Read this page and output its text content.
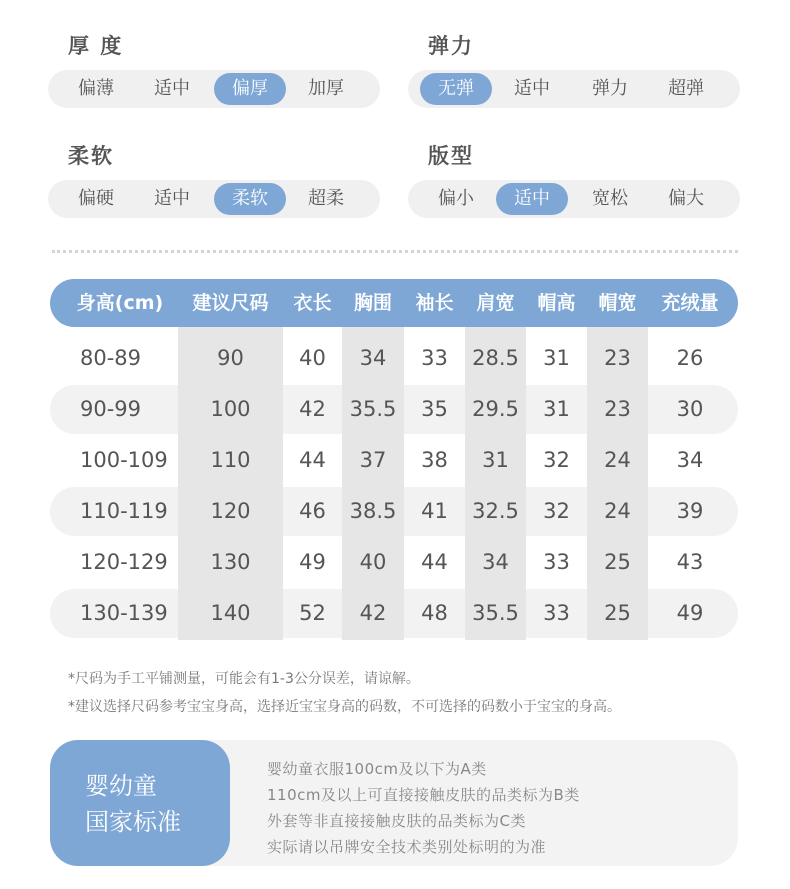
厚 度
偏薄	适中	偏厚	加厚
弹力
无弹	适中	弹力	超弹
柔软
偏硬	适中	柔软	超柔
版型
偏小	适中	宽松	偏大
身高(cm)	建议尺码	衣长	胸围	袖长	肩宽	帽高	帽宽	充绒量
80-89	90	40	34	33	28.5	31	23	26
90-99	100	42	35.5	35	29.5	31	23	30
100-109	110	44	37	38	31	32	24	34
110-119	120	46	38.5	41	32.5	32	24	39
120-129	130	49	40	44	34	33	25	43
130-139	140	52	42	48	35.5	33	25	49
*尺码为手工平铺测量，可能会有1-3公分误差，请谅解。
*建议选择尺码参考宝宝身高，选择近宝宝身高的码数，不可选择的码数小于宝宝的身高。
婴幼童
国家标准
婴幼童衣服100cm及以下为A类
110cm及以上可直接接触皮肤的品类标为B类
外套等非直接接触皮肤的品类标为C类
实际请以吊牌安全技术类别处标明的为准
